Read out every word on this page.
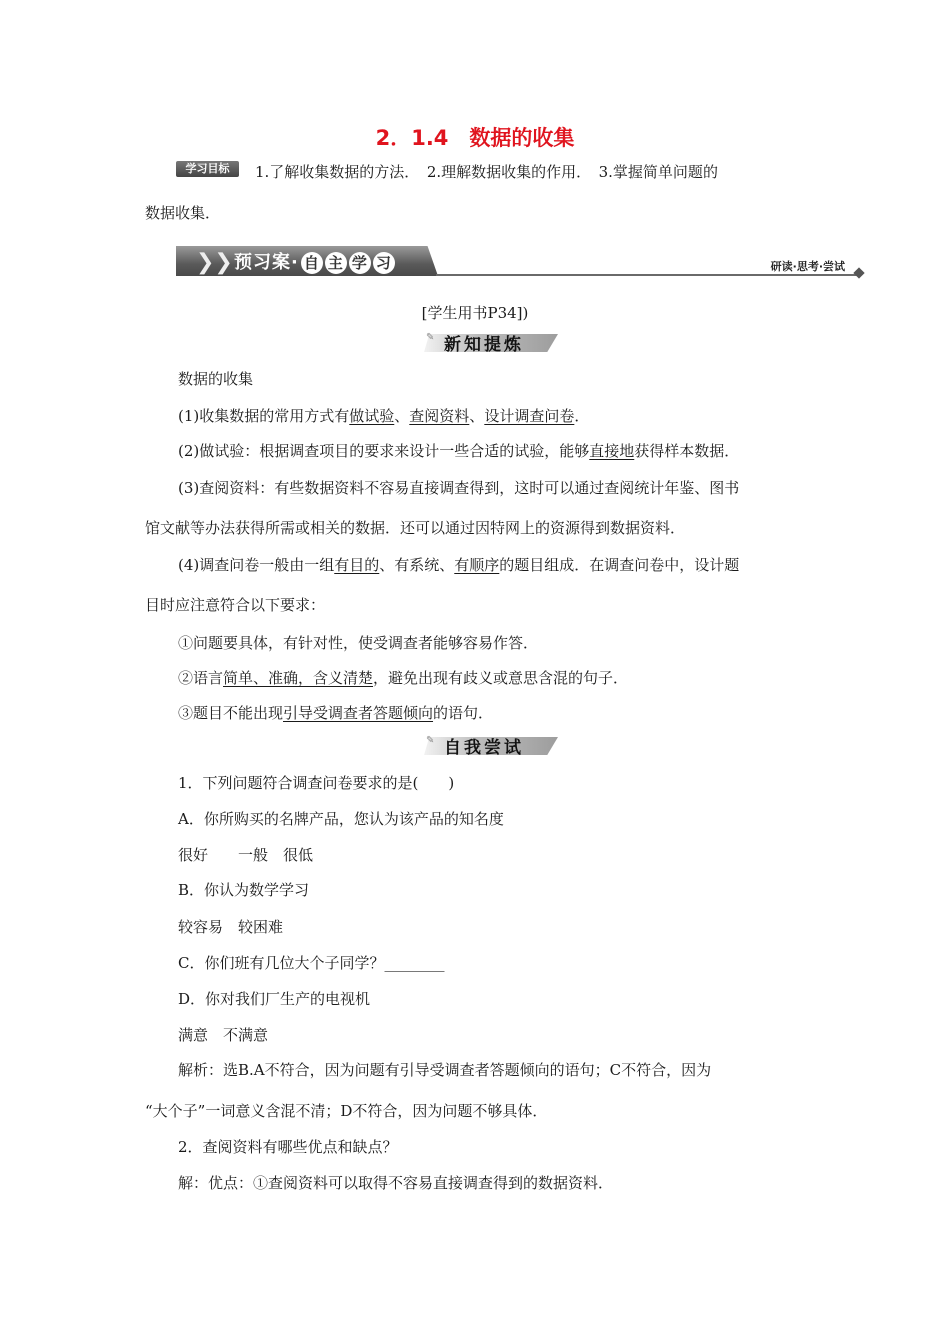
2．1.4　数据的收集
学习目标	1.了解收集数据的方法．　2.理解数据收集的作用．　3.掌握简单问题的
数据收集．
❯❯ 预习案· 自 主 学 习	研读·思考·尝试
[学生用书P34])
✎ 新知提炼
数据的收集
(1)收集数据的常用方式有做试验、查阅资料、设计调查问卷．
(2)做试验：根据调查项目的要求来设计一些合适的试验，能够直接地获得样本数据．
(3)查阅资料：有些数据资料不容易直接调查得到，这时可以通过查阅统计年鉴、图书
馆文献等办法获得所需或相关的数据．还可以通过因特网上的资源得到数据资料．
(4)调查问卷一般由一组有目的、有系统、有顺序的题目组成．在调查问卷中，设计题
目时应注意符合以下要求：
①问题要具体，有针对性，使受调查者能够容易作答．
②语言简单、准确，含义清楚，避免出现有歧义或意思含混的句子．
③题目不能出现引导受调查者答题倾向的语句．
✎ 自我尝试
1．下列问题符合调查问卷要求的是(　　)
A．你所购买的名牌产品，您认为该产品的知名度
很好　　一般　很低
B．你认为数学学习
较容易　较困难
C．你们班有几位大个子同学？________
D．你对我们厂生产的电视机
满意　不满意
解析：选B.A不符合，因为问题有引导受调查者答题倾向的语句；C不符合，因为
“大个子”一词意义含混不清；D不符合，因为问题不够具体．
2．查阅资料有哪些优点和缺点？
解：优点：①查阅资料可以取得不容易直接调查得到的数据资料．
